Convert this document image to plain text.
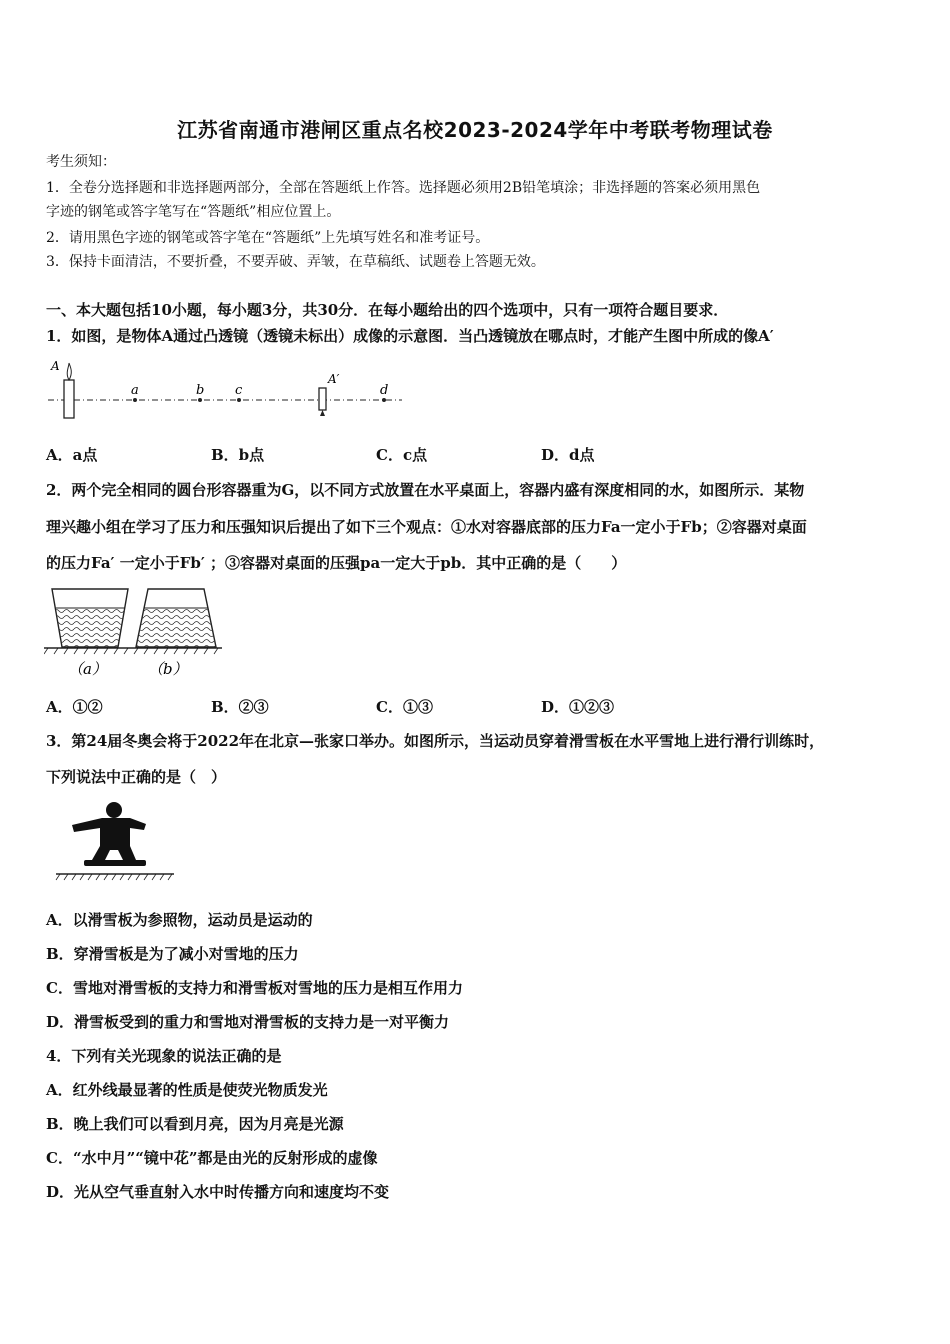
江苏省南通市港闸区重点名校2023-2024学年中考联考物理试卷
考生须知：
1．全卷分选择题和非选择题两部分，全部在答题纸上作答。选择题必须用2B铅笔填涂；非选择题的答案必须用黑色
字迹的钢笔或答字笔写在“答题纸”相应位置上。
2．请用黑色字迹的钢笔或答字笔在“答题纸”上先填写姓名和准考证号。
3．保持卡面清洁，不要折叠，不要弄破、弄皱，在草稿纸、试题卷上答题无效。
一、本大题包括10小题，每小题3分，共30分．在每小题给出的四个选项中，只有一项符合题目要求．
1．如图，是物体A通过凸透镜（透镜未标出）成像的示意图．当凸透镜放在哪点时，才能产生图中所成的像A′
A
a	b c
A′
d
A．a点	B．b点	C．c点	D．d点
2．两个完全相同的圆台形容器重为G，以不同方式放置在水平桌面上，容器内盛有深度相同的水，如图所示．某物
理兴趣小组在学习了压力和压强知识后提出了如下三个观点：①水对容器底部的压力Fa一定小于Fb；②容器对桌面
的压力Fa′ 一定小于Fb′ ；③容器对桌面的压强pa一定大于pb．其中正确的是（　　）
（a）	（b）
A．①②	B．②③	C．①③	D．①②③
3．第24届冬奥会将于2022年在北京—张家口举办。如图所示，当运动员穿着滑雪板在水平雪地上进行滑行训练时，
下列说法中正确的是（　）
A．以滑雪板为参照物，运动员是运动的
B．穿滑雪板是为了减小对雪地的压力
C．雪地对滑雪板的支持力和滑雪板对雪地的压力是相互作用力
D．滑雪板受到的重力和雪地对滑雪板的支持力是一对平衡力
4．下列有关光现象的说法正确的是
A．红外线最显著的性质是使荧光物质发光
B．晚上我们可以看到月亮，因为月亮是光源
C．“水中月”“镜中花”都是由光的反射形成的虚像
D．光从空气垂直射入水中时传播方向和速度均不变
